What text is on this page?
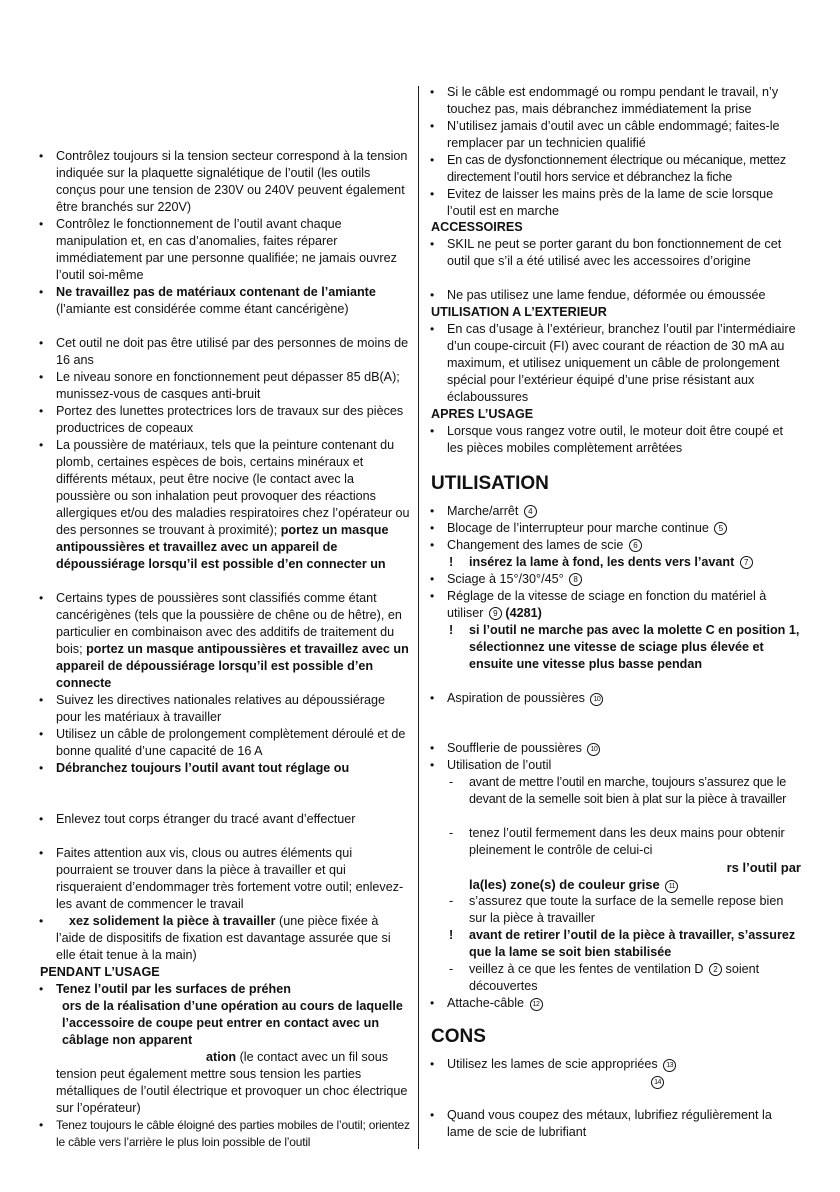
• Contrôlez toujours si la tension secteur correspond à la tension indiquée sur la plaquette signalétique de l’outil (les outils conçus pour une tension de 230V ou 240V peuvent également être branchés sur 220V)
• Contrôlez le fonctionnement de l’outil avant chaque manipulation et, en cas d’anomalies, faites réparer immédiatement par une personne qualifiée; ne jamais ouvrez l’outil soi-même
• Ne travaillez pas de matériaux contenant de l’amiante (l’amiante est considérée comme étant cancérigène)
• Cet outil ne doit pas être utilisé par des personnes de moins de 16 ans
• Le niveau sonore en fonctionnement peut dépasser 85 dB(A); munissez-vous de casques anti-bruit
• Portez des lunettes protectrices lors de travaux sur des pièces productrices de copeaux
• La poussière de matériaux, tels que la peinture contenant du plomb, certaines espèces de bois, certains minéraux et différents métaux, peut être nocive (le contact avec la poussière ou son inhalation peut provoquer des réactions allergiques et/ou des maladies respiratoires chez l’opérateur ou des personnes se trouvant à proximité); portez un masque antipoussières et travaillez avec un appareil de dépoussiérage lorsqu’il est possible d’en connecter un
• Certains types de poussières sont classifiés comme étant cancérigènes (tels que la poussière de chêne ou de hêtre), en particulier en combinaison avec des additifs de traitement du bois; portez un masque antipoussières et travaillez avec un appareil de dépoussiérage lorsqu’il est possible d’en connecte
• Suivez les directives nationales relatives au dépoussiérage pour les matériaux à travailler
• Utilisez un câble de prolongement complètement déroulé et de bonne qualité d’une capacité de 16 A
• Débranchez toujours l’outil avant tout réglage ou
• Enlevez tout corps étranger du tracé avant d’effectuer
• Faites attention aux vis, clous ou autres éléments qui pourraient se trouver dans la pièce à travailler et qui risqueraient d’endommager très fortement votre outil; enlevez-les avant de commencer le travail
•	xez solidement la pièce à travailler (une pièce fixée à l’aide de dispositifs de fixation est davantage assurée que si elle était tenue à la main)
PENDANT L’USAGE
• Tenez l’outil par les surfaces de préhen
ors de la réalisation d’une opération au cours de laquelle l’accessoire de coupe peut entrer en contact avec un câblage non apparent
ation (le contact avec un fil sous
tension peut également mettre sous tension les parties métalliques de l’outil électrique et provoquer un choc électrique sur l’opérateur)
• Tenez toujours le câble éloigné des parties mobiles de l’outil; orientez le câble vers l’arrière le plus loin possible de l’outil
• Si le câble est endommagé ou rompu pendant le travail, n’y touchez pas, mais débranchez immédiatement la prise
• N’utilisez jamais d’outil avec un câble endommagé; faites-le remplacer par un technicien qualifié
• En cas de dysfonctionnement électrique ou mécanique, mettez directement l’outil hors service et débranchez la fiche
• Evitez de laisser les mains près de la lame de scie lorsque l’outil est en marche
ACCESSOIRES
• SKIL ne peut se porter garant du bon fonctionnement de cet outil que s’il a été utilisé avec les accessoires d’origine
• Ne pas utilisez une lame fendue, déformée ou émoussée
UTILISATION A L’EXTERIEUR
• En cas d’usage à l’extérieur, branchez l’outil par l’intermédiaire d’un coupe-circuit (FI) avec courant de réaction de 30 mA au maximum, et utilisez uniquement un câble de prolongement spécial pour l’extérieur équipé d’une prise résistant aux éclaboussures
APRES L’USAGE
• Lorsque vous rangez votre outil, le moteur doit être coupé et les pièces mobiles complètement arrêtées
UTILISATION
• Marche/arrêt 4
• Blocage de l’interrupteur pour marche continue 5
• Changement des lames de scie 6
! insérez la lame à fond, les dents vers l’avant 7
• Sciage à 15°/30°/45° 8
• Réglage de la vitesse de sciage en fonction du matériel à utiliser 9 (4281)
! si l’outil ne marche pas avec la molette C en position 1, sélectionnez une vitesse de sciage plus élevée et ensuite une vitesse plus basse pendan
• Aspiration de poussières 10
• Soufflerie de poussières 10
• Utilisation de l’outil
- avant de mettre l’outil en marche, toujours s’assurez que le devant de la semelle soit bien à plat sur la pièce à travailler
- tenez l’outil fermement dans les deux mains pour obtenir pleinement le contrôle de celui-ci
rs l’outil par
la(les) zone(s) de couleur grise 11
- s’assurez que toute la surface de la semelle repose bien sur la pièce à travailler
! avant de retirer l’outil de la pièce à travailler, s’assurez que la lame se soit bien stabilisée
- veillez à ce que les fentes de ventilation D 2 soient découvertes
• Attache-câble 12
CONS
• Utilisez les lames de scie appropriées 13
14
• Quand vous coupez des métaux, lubrifiez régulièrement la lame de scie de lubrifiant
